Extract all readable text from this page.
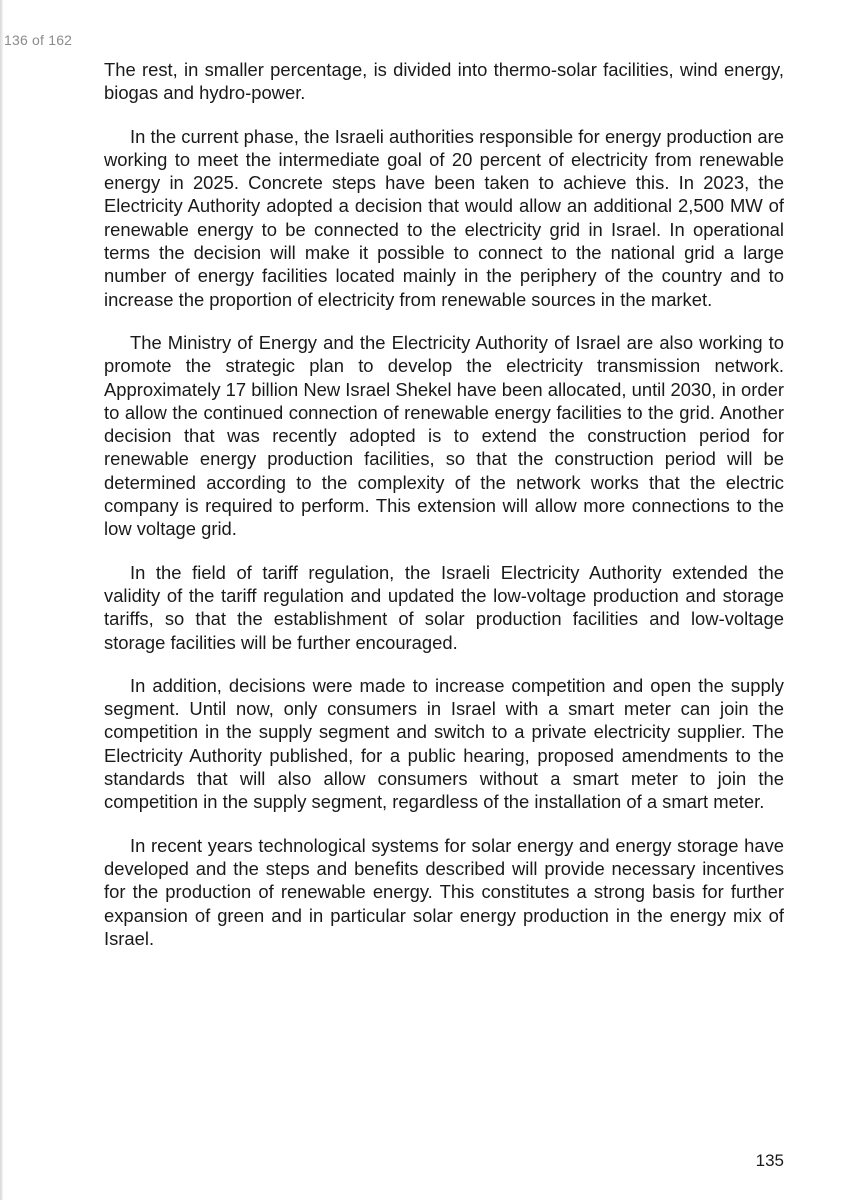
136 of 162

The rest, in smaller percentage, is divided into thermo-solar facilities, wind energy, biogas and hydro-power.

In the current phase, the Israeli authorities responsible for energy production are working to meet the intermediate goal of 20 percent of electricity from renewable energy in 2025. Concrete steps have been taken to achieve this. In 2023, the Electricity Authority adopted a decision that would allow an additional 2,500 MW of renewable energy to be connected to the electricity grid in Israel. In operational terms the decision will make it possible to connect to the national grid a large number of energy facilities located mainly in the periphery of the country and to increase the proportion of electricity from renewable sources in the market.

The Ministry of Energy and the Electricity Authority of Israel are also working to promote the strategic plan to develop the electricity transmission network. Approximately 17 billion New Israel Shekel have been allocated, until 2030, in order to allow the continued connection of renewable energy facilities to the grid. Another decision that was recently adopted is to extend the construction period for renewable energy production facilities, so that the construction period will be determined according to the complexity of the network works that the electric company is required to perform. This extension will allow more connections to the low voltage grid.

In the field of tariff regulation, the Israeli Electricity Authority extended the validity of the tariff regulation and updated the low-voltage production and storage tariffs, so that the establishment of solar production facilities and low-voltage storage facilities will be further encouraged.

In addition, decisions were made to increase competition and open the supply segment. Until now, only consumers in Israel with a smart meter can join the competition in the supply segment and switch to a private electricity supplier. The Electricity Authority published, for a public hearing, proposed amendments to the standards that will also allow consumers without a smart meter to join the competition in the supply segment, regardless of the installation of a smart meter.

In recent years technological systems for solar energy and energy storage have developed and the steps and benefits described will provide necessary incentives for the production of renewable energy. This constitutes a strong basis for further expansion of green and in particular solar energy production in the energy mix of Israel.

135
